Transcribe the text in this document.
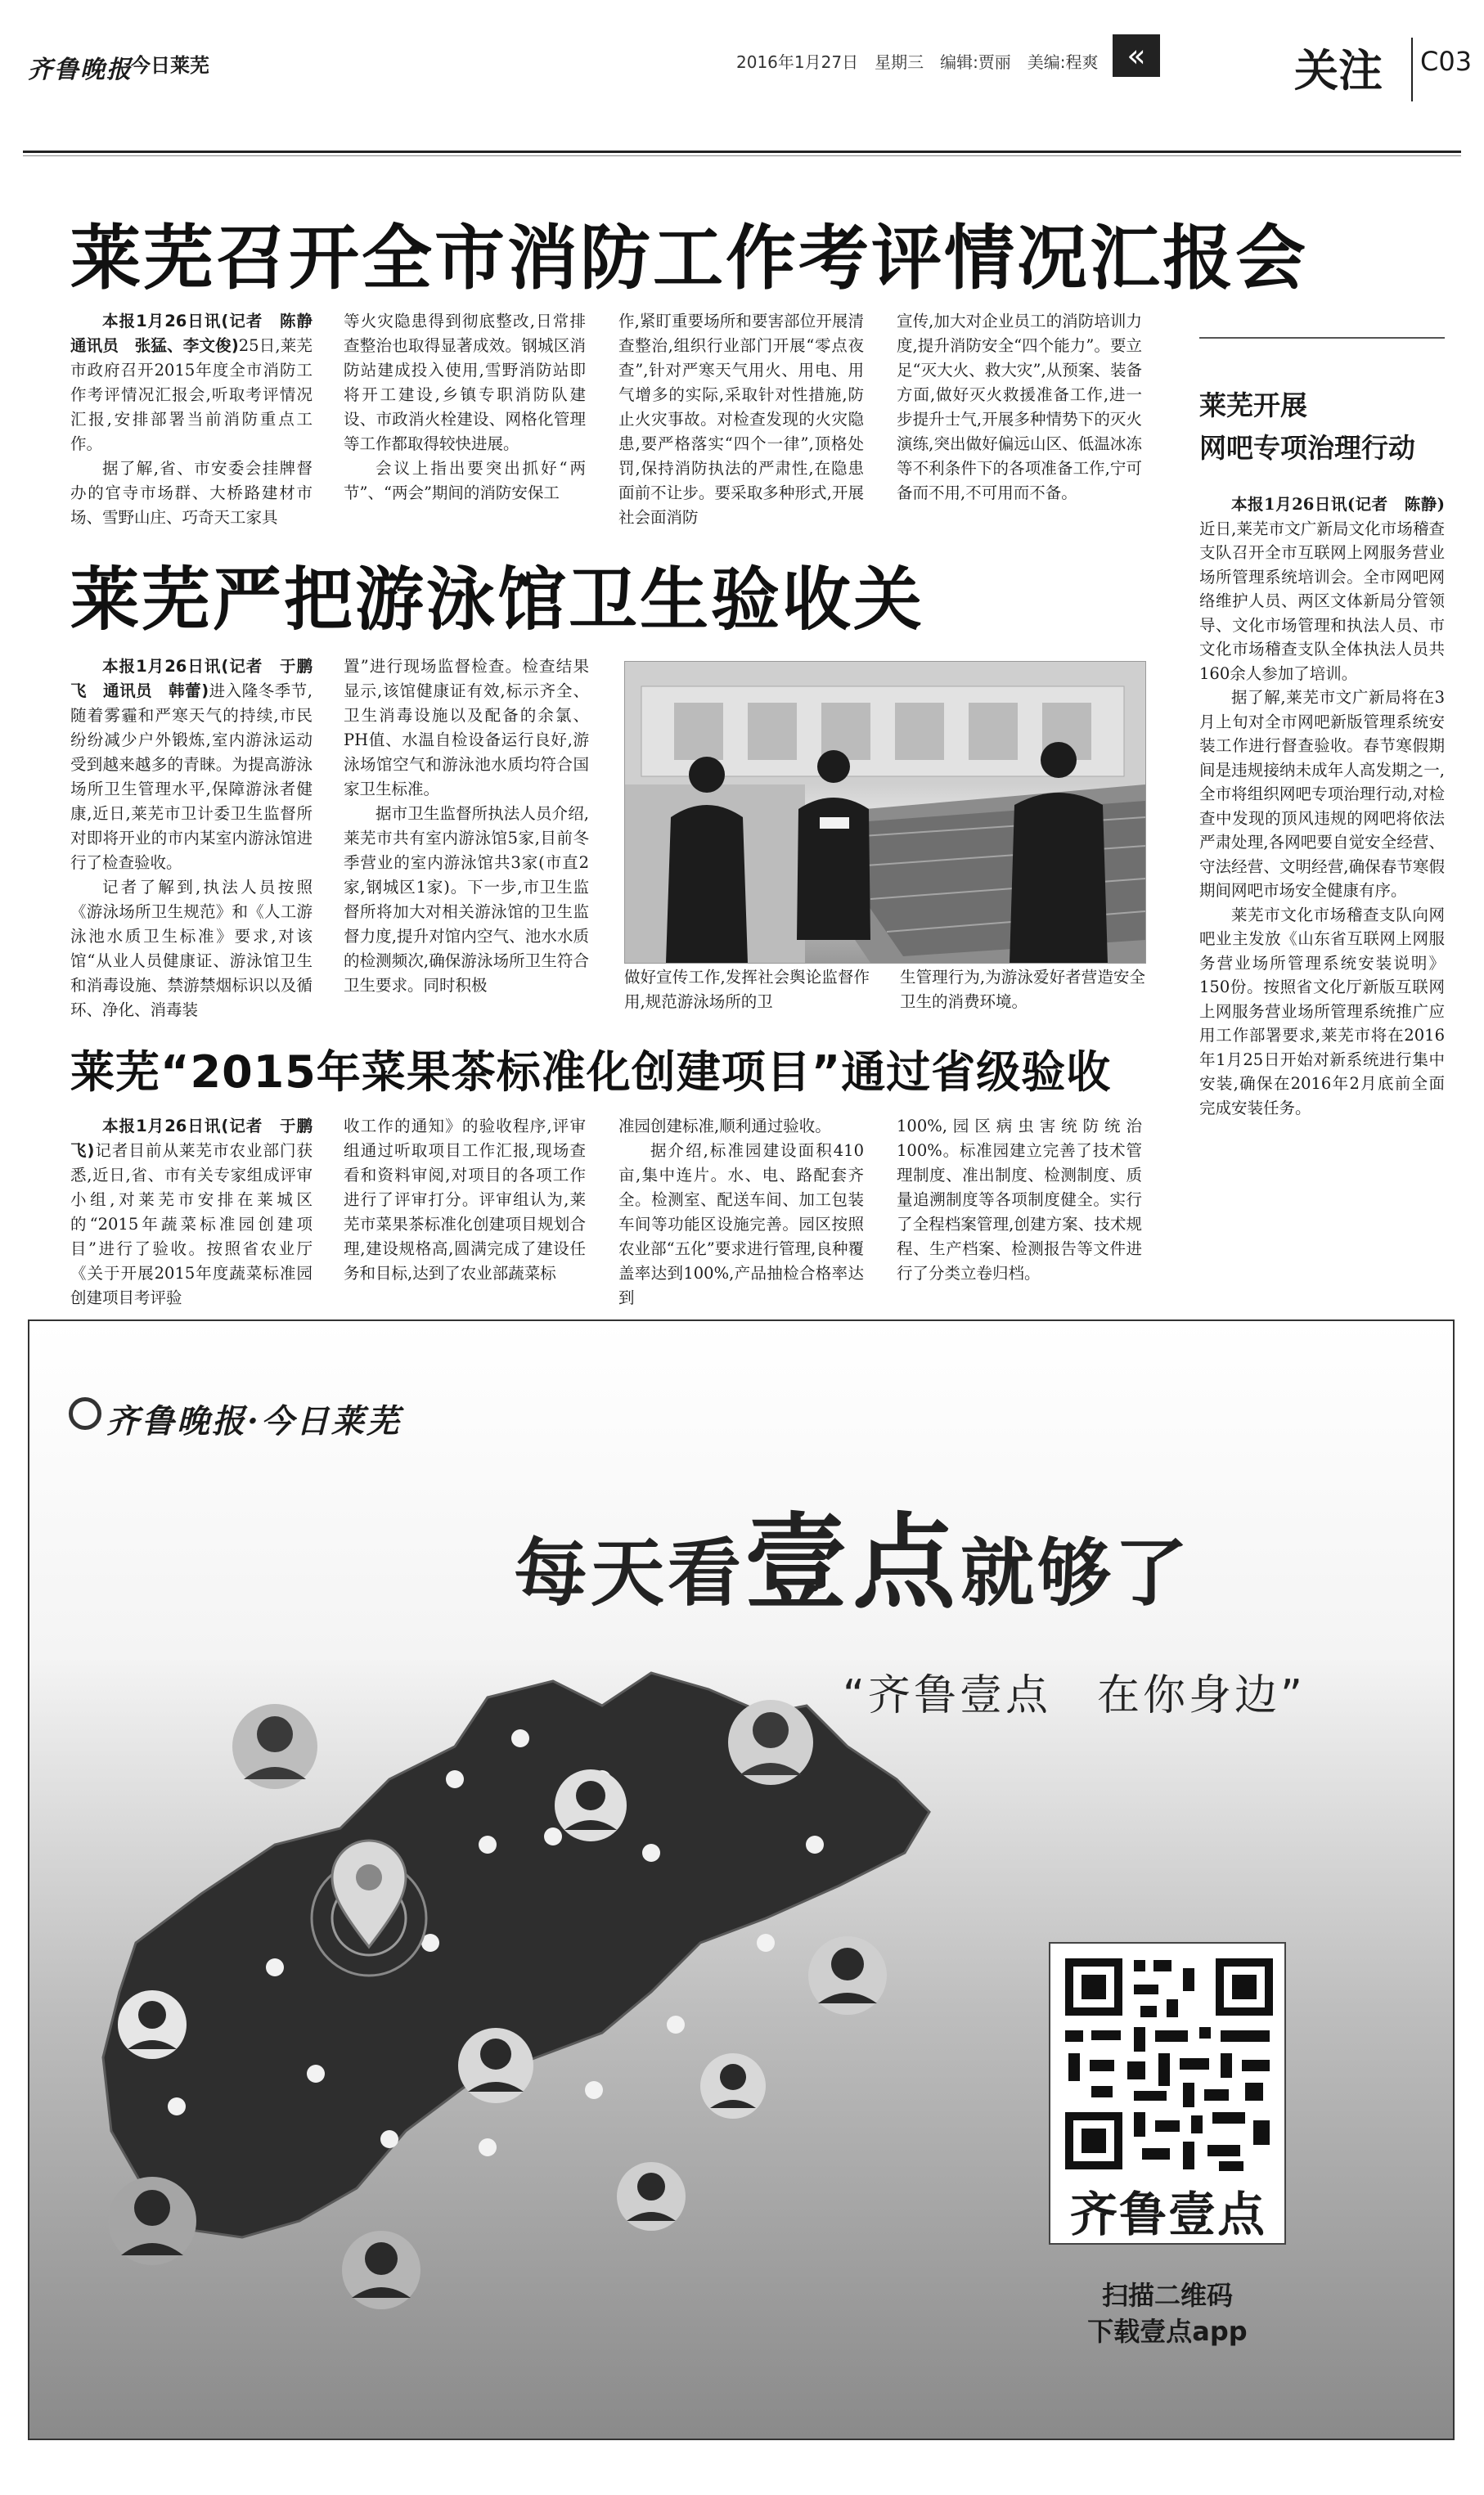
齐鲁晚报
今日莱芜	2016年1月27日　星期三　编辑:贾丽　美编:程爽 «	关注 C03
莱芜召开全市消防工作考评情况汇报会

本报1月26日讯(记者　陈静　通讯员　张猛、李文俊)25日,莱芜市政府召开2015年度全市消防工作考评情况汇报会,听取考评情况汇报,安排部署当前消防重点工作。

据了解,省、市安委会挂牌督办的官寺市场群、大桥路建材市场、雪野山庄、巧奇天工家具

等火灾隐患得到彻底整改,日常排查整治也取得显著成效。钢城区消防站建成投入使用,雪野消防站即将开工建设,乡镇专职消防队建设、市政消火栓建设、网格化管理等工作都取得较快进展。

会议上指出要突出抓好“两节”、“两会”期间的消防安保工

作,紧盯重要场所和要害部位开展清查整治,组织行业部门开展“零点夜查”,针对严寒天气用火、用电、用气增多的实际,采取针对性措施,防止火灾事故。对检查发现的火灾隐患,要严格落实“四个一律”,顶格处罚,保持消防执法的严肃性,在隐患面前不让步。要采取多种形式,开展社会面消防

宣传,加大对企业员工的消防培训力度,提升消防安全“四个能力”。要立足“灭大火、救大灾”,从预案、装备方面,做好灭火救援准备工作,进一步提升士气,开展多种情势下的灭火演练,突出做好偏远山区、低温冰冻等不利条件下的各项准备工作,宁可备而不用,不可用而不备。

莱芜开展
网吧专项治理行动

本报1月26日讯(记者　陈静)近日,莱芜市文广新局文化市场稽查支队召开全市互联网上网服务营业场所管理系统培训会。全市网吧网络维护人员、两区文体新局分管领导、文化市场管理和执法人员、市文化市场稽查支队全体执法人员共160余人参加了培训。

据了解,莱芜市文广新局将在3月上旬对全市网吧新版管理系统安装工作进行督查验收。春节寒假期间是违规接纳未成年人高发期之一,全市将组织网吧专项治理行动,对检查中发现的顶风违规的网吧将依法严肃处理,各网吧要自觉安全经营、守法经营、文明经营,确保春节寒假期间网吧市场安全健康有序。

莱芜市文化市场稽查支队向网吧业主发放《山东省互联网上网服务营业场所管理系统安装说明》150份。按照省文化厅新版互联网上网服务营业场所管理系统推广应用工作部署要求,莱芜市将在2016年1月25日开始对新系统进行集中安装,确保在2016年2月底前全面完成安装任务。

莱芜严把游泳馆卫生验收关

本报1月26日讯(记者　于鹏飞　通讯员　韩蕾)进入隆冬季节,随着雾霾和严寒天气的持续,市民纷纷减少户外锻炼,室内游泳运动受到越来越多的青睐。为提高游泳场所卫生管理水平,保障游泳者健康,近日,莱芜市卫计委卫生监督所对即将开业的市内某室内游泳馆进行了检查验收。

记者了解到,执法人员按照《游泳场所卫生规范》和《人工游泳池水质卫生标准》要求,对该馆“从业人员健康证、游泳馆卫生和消毒设施、禁游禁烟标识以及循环、净化、消毒装

置”进行现场监督检查。检查结果显示,该馆健康证有效,标示齐全、卫生消毒设施以及配备的余氯、PH值、水温自检设备运行良好,游泳场馆空气和游泳池水质均符合国家卫生标准。

据市卫生监督所执法人员介绍,莱芜市共有室内游泳馆5家,目前冬季营业的室内游泳馆共3家(市直2家,钢城区1家)。下一步,市卫生监督所将加大对相关游泳馆的卫生监督力度,提升对馆内空气、池水水质的检测频次,确保游泳场所卫生符合卫生要求。同时积极	做好宣传工作,发挥社会舆论监督作用,规范游泳场所的卫

生管理行为,为游泳爱好者营造安全卫生的消费环境。

莱芜“2015年菜果茶标准化创建项目”通过省级验收

本报1月26日讯(记者　于鹏飞)记者目前从莱芜市农业部门获悉,近日,省、市有关专家组成评审小组,对莱芜市安排在莱城区的“2015年蔬菜标准园创建项目”进行了验收。按照省农业厅《关于开展2015年度蔬菜标准园创建项目考评验

收工作的通知》的验收程序,评审组通过听取项目工作汇报,现场查看和资料审阅,对项目的各项工作进行了评审打分。评审组认为,莱芜市菜果茶标准化创建项目规划合理,建设规格高,圆满完成了建设任务和目标,达到了农业部蔬菜标

准园创建标准,顺利通过验收。

据介绍,标准园建设面积410亩,集中连片。水、电、路配套齐全。检测室、配送车间、加工包装车间等功能区设施完善。园区按照农业部“五化”要求进行管理,良种覆盖率达到100%,产品抽检合格率达到

100%,园区病虫害统防统治100%。标准园建立完善了技术管理制度、准出制度、检测制度、质量追溯制度等各项制度健全。实行了全程档案管理,创建方案、技术规程、生产档案、检测报告等文件进行了分类立卷归档。

齐鲁晚报·今日莱芜
每天看壹点就够了
“齐鲁壹点　在你身边”
齐鲁壹点
扫描二维码
下载壹点app
